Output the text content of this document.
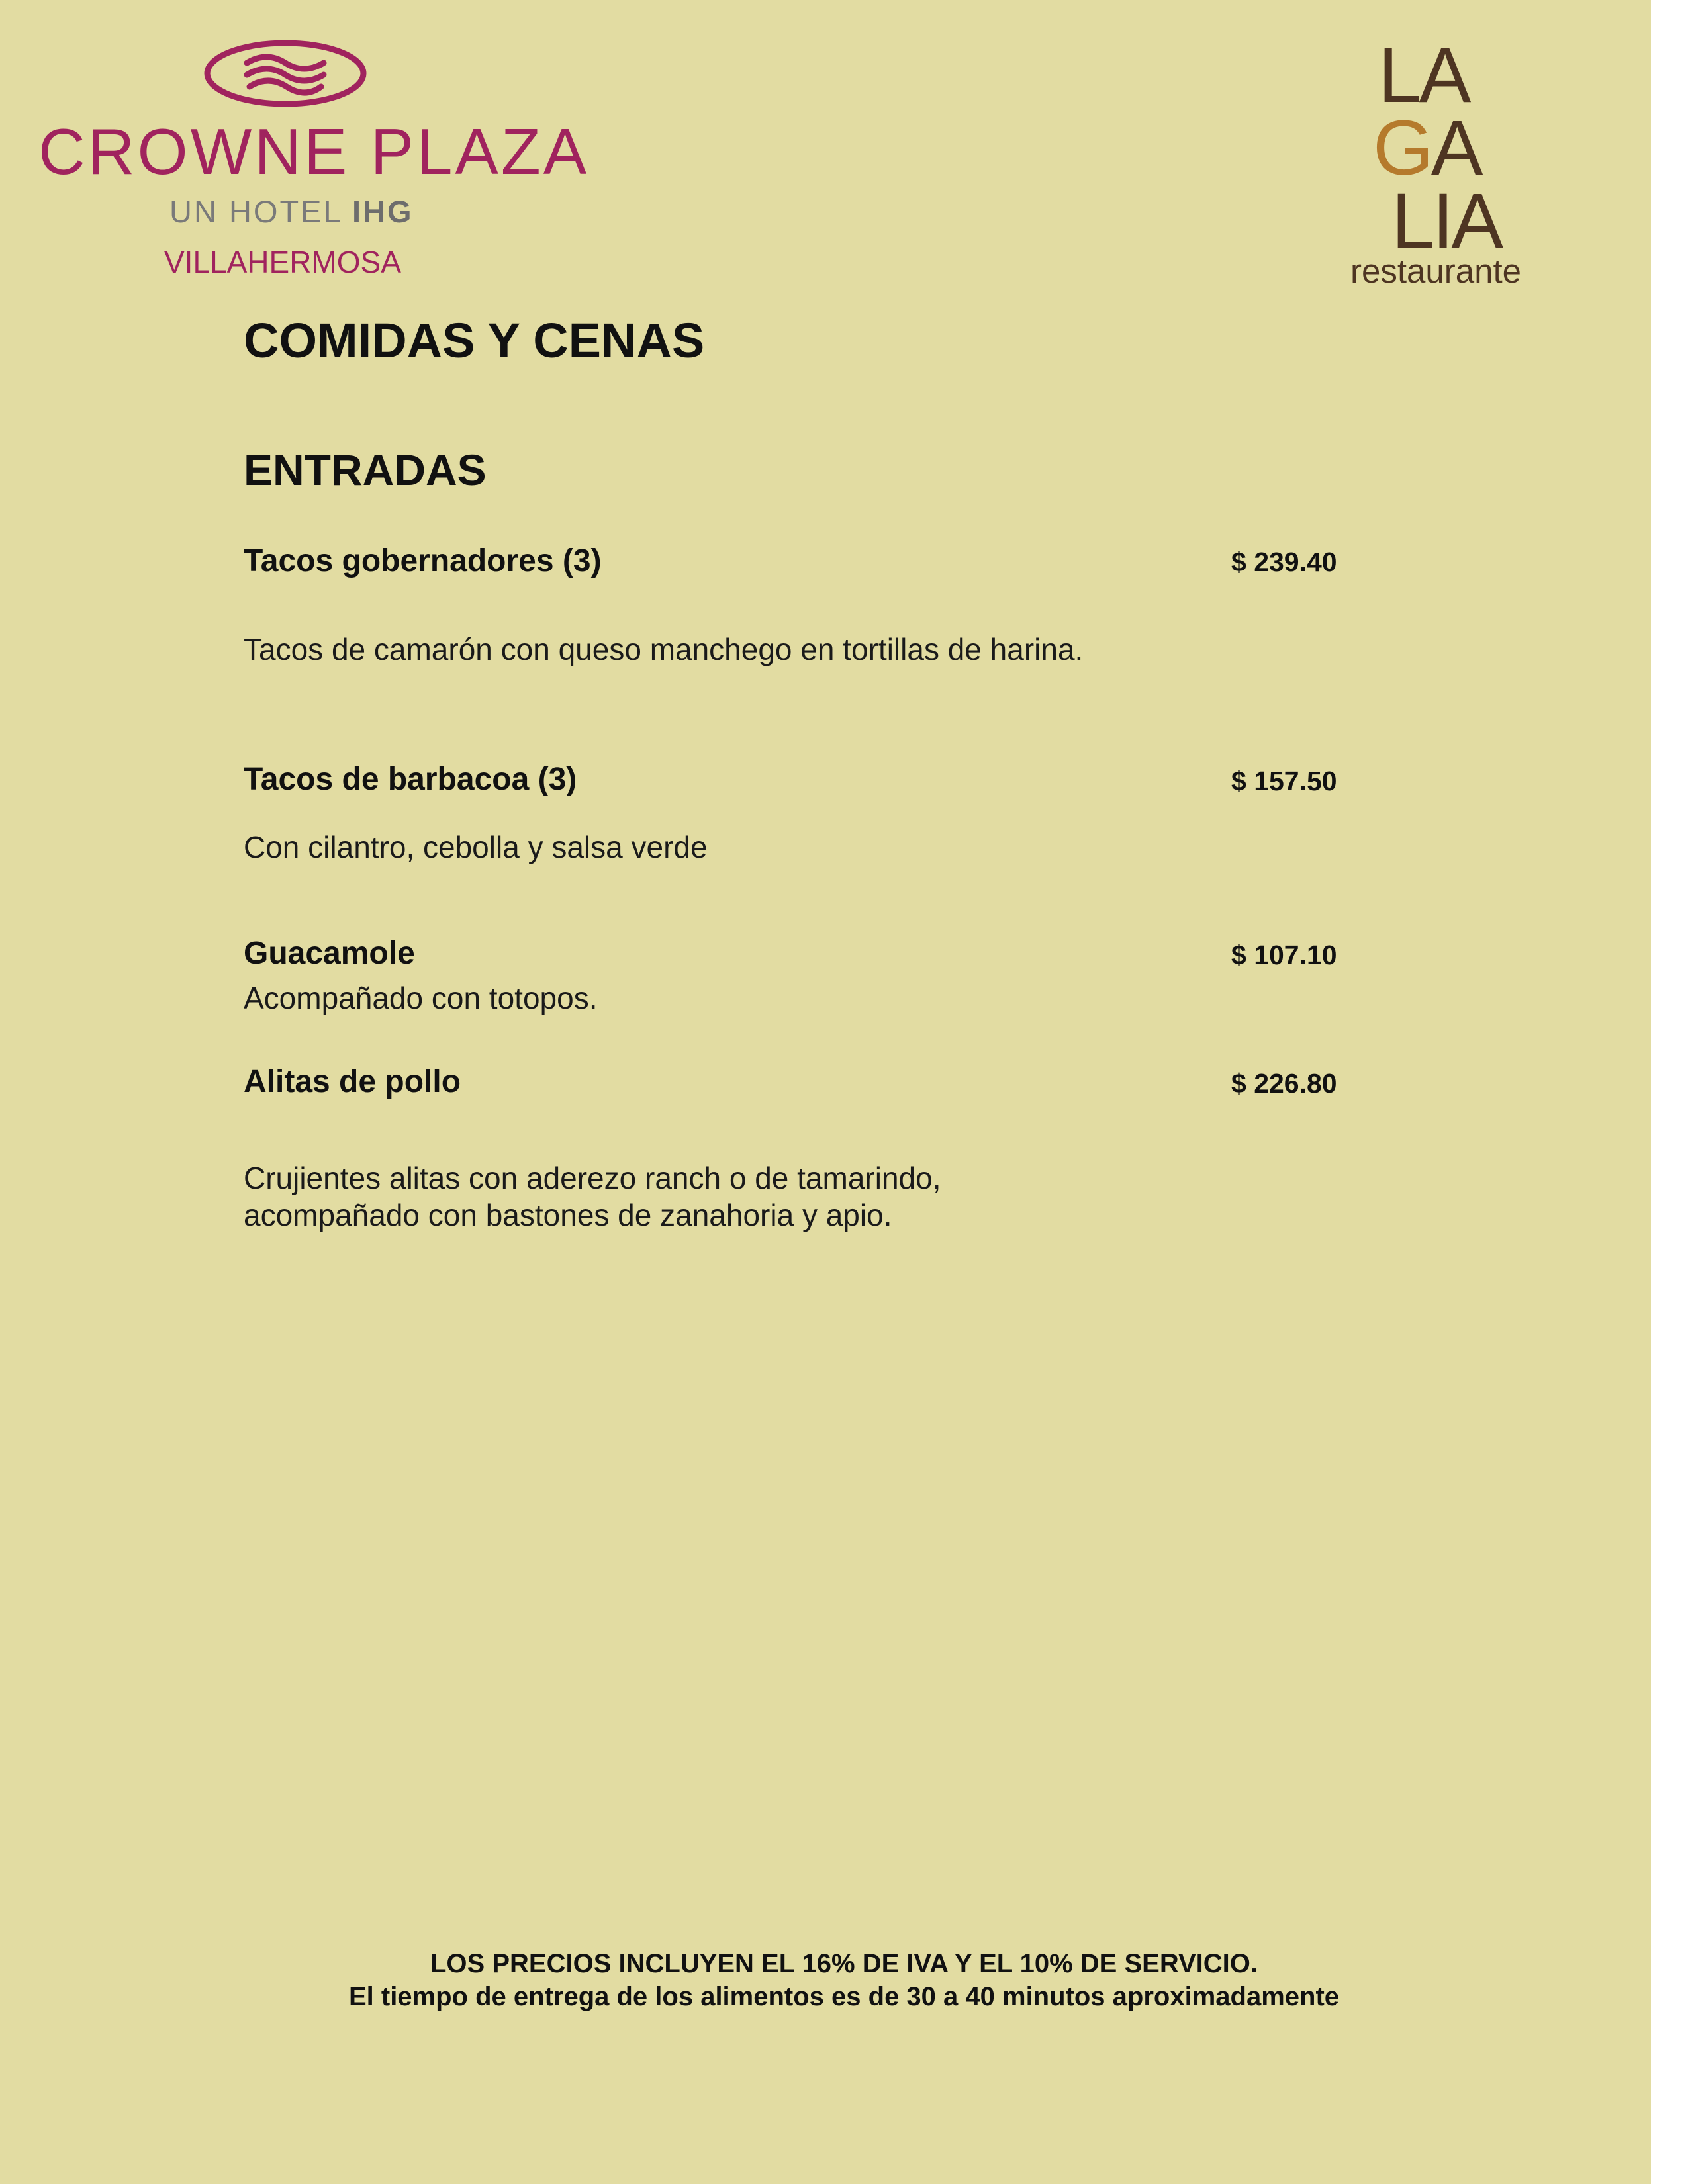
CROWNE PLAZA
UN HOTEL IHG
VILLAHERMOSA
LA
GA
LIA
restaurante
COMIDAS Y CENAS
ENTRADAS
Tacos gobernadores (3)	$ 239.40
Tacos de camarón con queso manchego en tortillas de harina.
Tacos de barbacoa (3)	$ 157.50
Con cilantro, cebolla y salsa verde
Guacamole	$ 107.10
Acompañado con totopos.
Alitas de pollo	$ 226.80
Crujientes alitas con aderezo ranch o de tamarindo,
acompañado con bastones de zanahoria y apio.
LOS PRECIOS INCLUYEN EL 16% DE IVA Y EL 10% DE SERVICIO.
El tiempo de entrega de los alimentos es de 30 a 40 minutos aproximadamente
